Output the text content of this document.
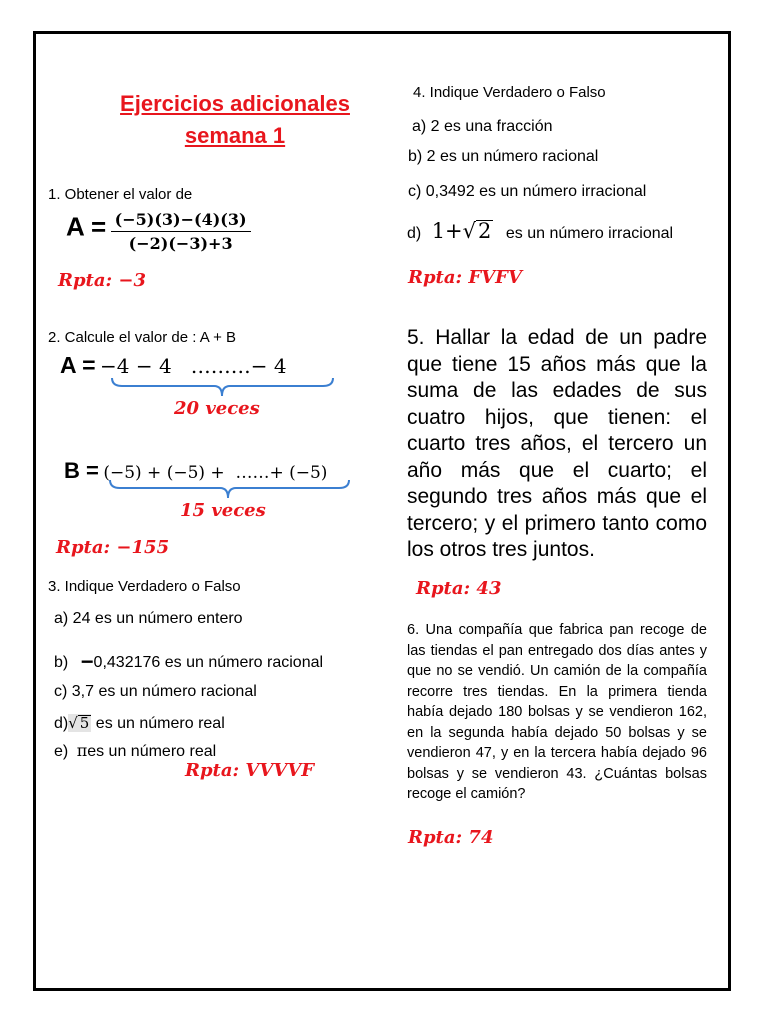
Ejercicios adicionales
semana 1
1. Obtener el valor de
$A = \frac{(-5)(3)-(4)(3)}{(-2)(-3)+3}$
Rpta: −3
2. Calcule el valor de : A + B
A = −4 − 4   ………− 4
20 veces
B = (−5) + (−5) +  ……+ (−5)
15 veces
Rpta: −155
3. Indique Verdadero o Falso
a) 24 es un número entero
b) −0,432176 es un número racional
c) 3,7 es un número racional
d)√ 5 es un número real
e) πes un número real
Rpta: VVVVF
4. Indique Verdadero o Falso
a) 2 es una fracción
b) 2 es un número racional
c) 0,3492 es un número irracional
d) 1+√2 es un número irracional
Rpta: FVFV
5. Hallar la edad de un padre que tiene 15 años más que la suma de las edades de sus cuatro hijos, que tienen: el cuarto tres años, el tercero un año más que el cuarto; el segundo tres años más que el tercero; y el primero tanto como los otros tres juntos.
Rpta: 43
6. Una compañía que fabrica pan recoge de las tiendas el pan entregado dos días antes y que no se vendió. Un camión de la compañía recorre tres tiendas. En la primera tienda había dejado 180 bolsas y se vendieron 162, en la segunda había dejado 50 bolsas y se vendieron 47, y en la tercera había dejado 96 bolsas y se vendieron 43. ¿Cuántas bolsas recoge el camión?
Rpta: 74
